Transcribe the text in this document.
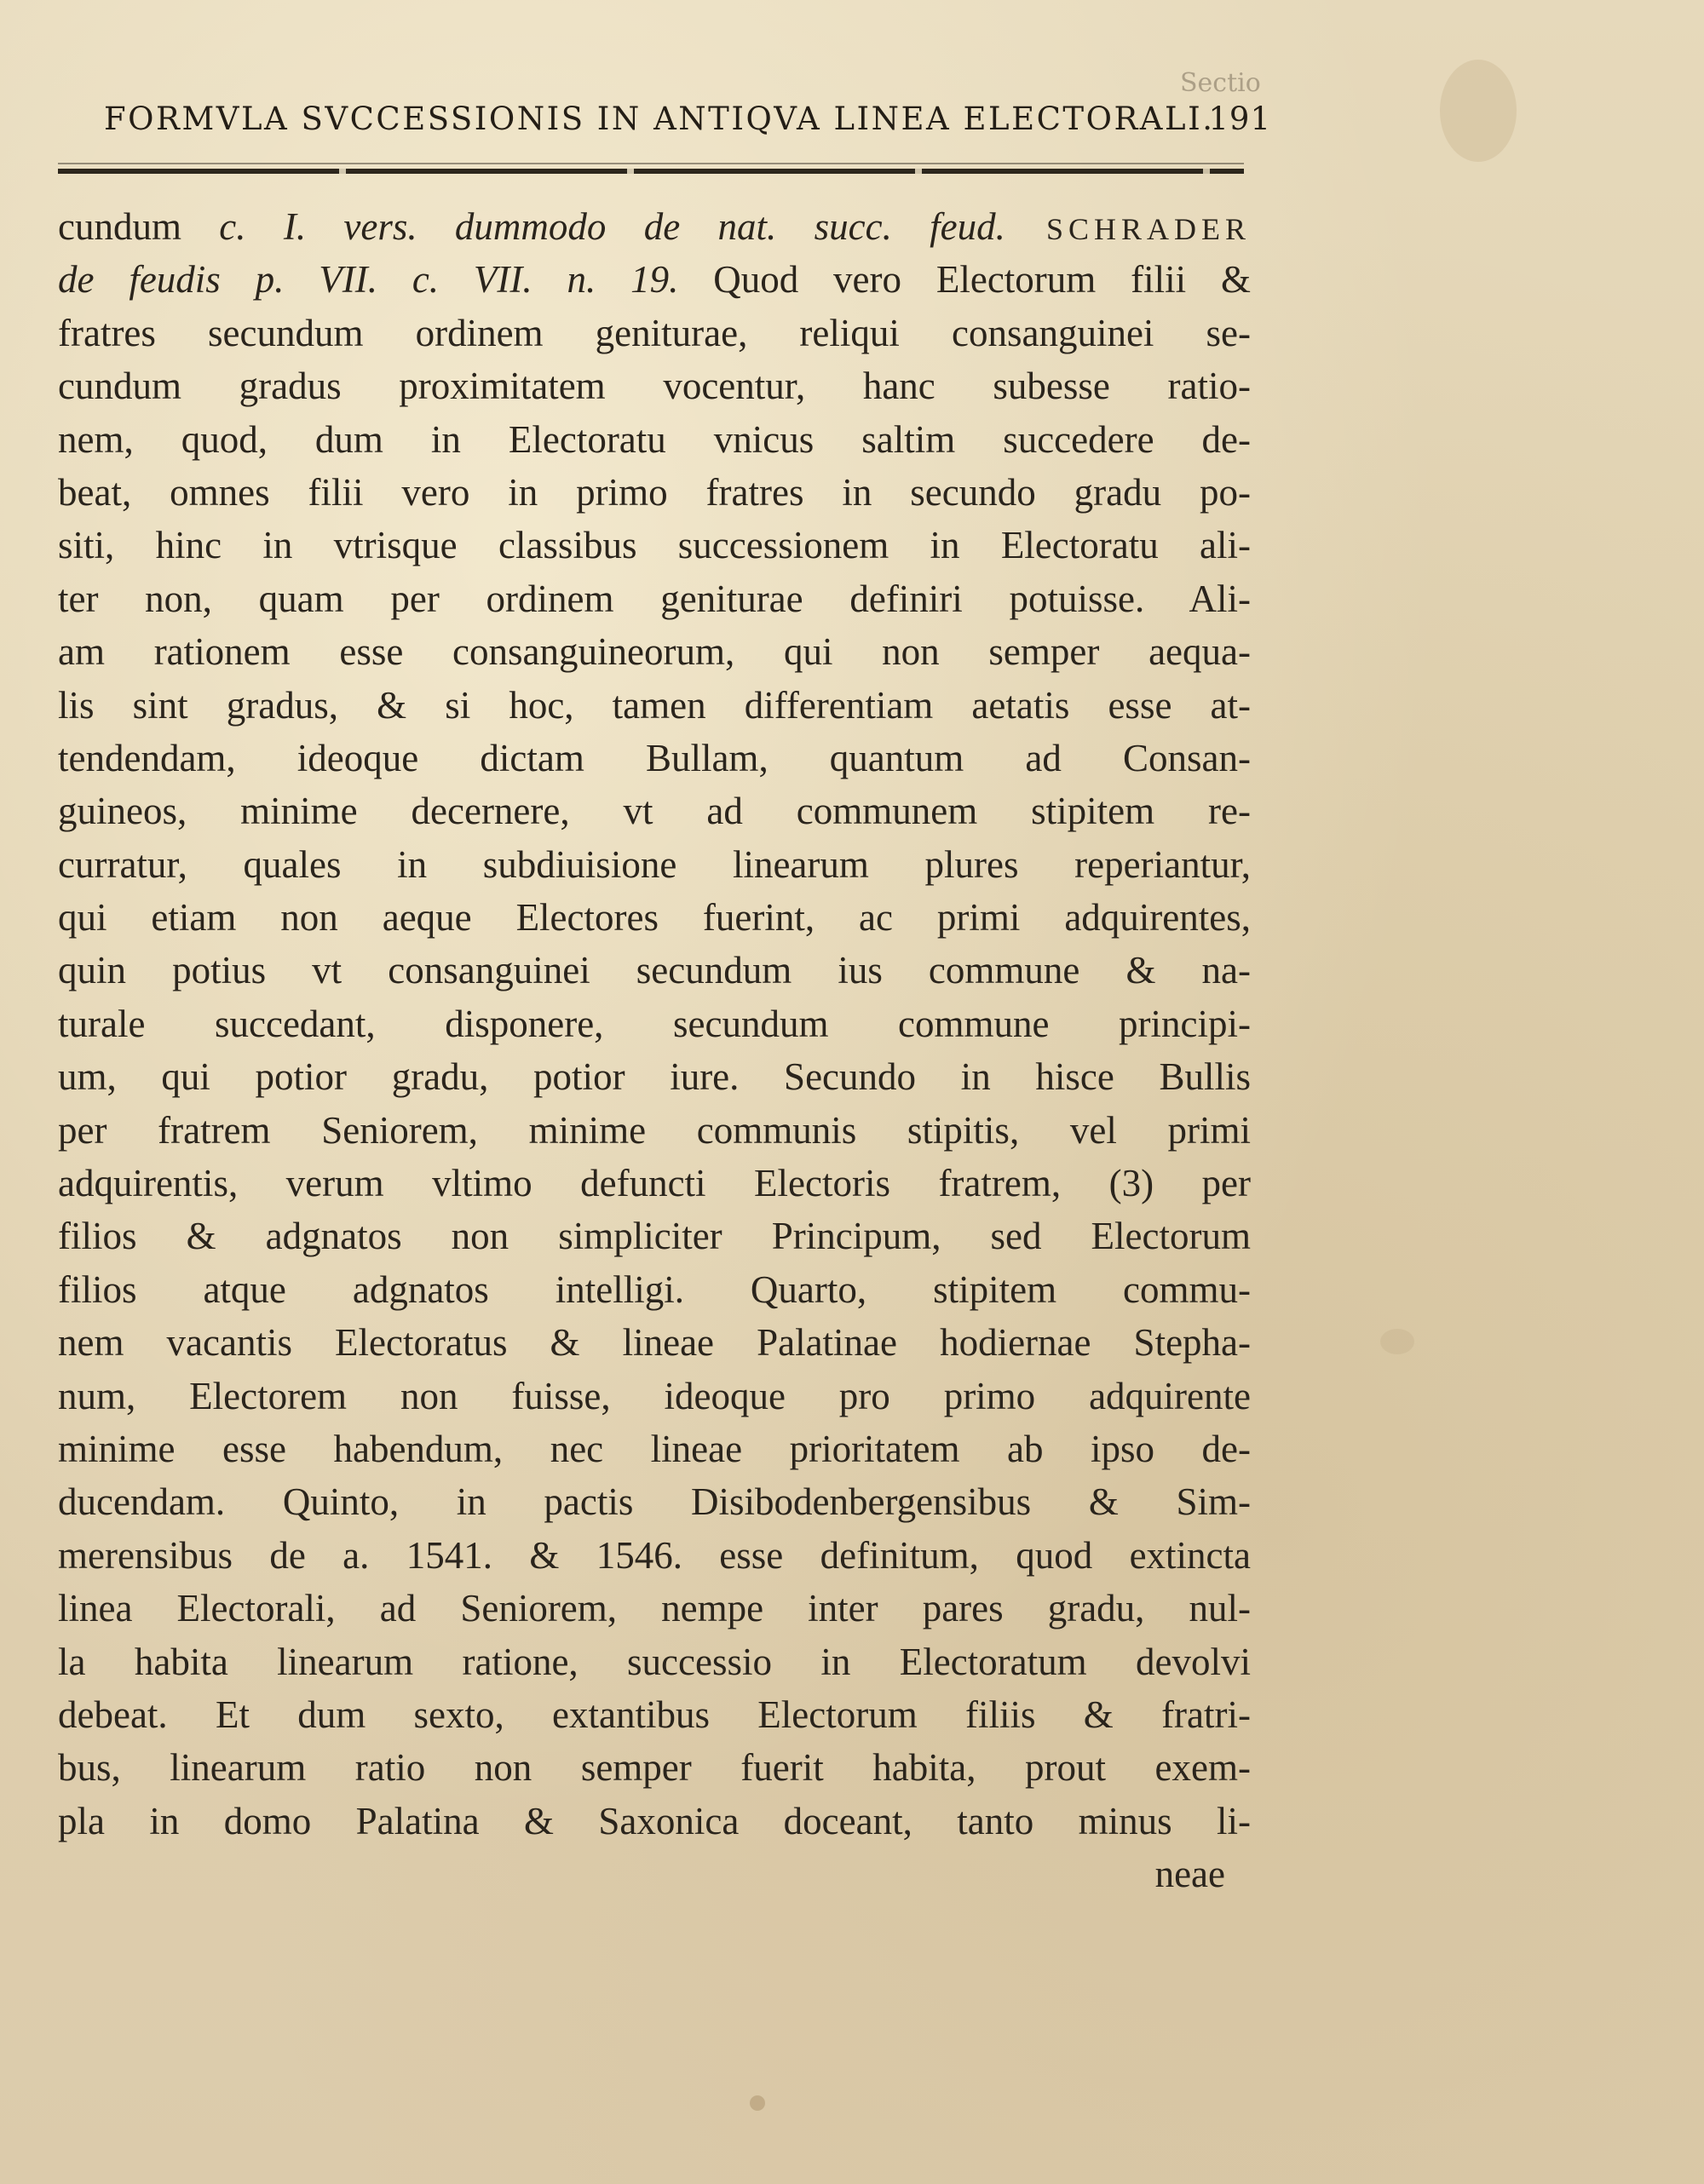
Sectio
FORMVLA SVCCESSIONIS IN ANTIQVA LINEA ELECTORALI.
191
cundum c. I. vers. dummodo de nat. succ. feud. SCHRADER
de feudis p. VII. c. VII. n. 19. Quod vero Electorum filii &
fratres secundum ordinem geniturae, reliqui consanguinei se-
cundum gradus proximitatem vocentur, hanc subesse ratio-
nem, quod, dum in Electoratu vnicus saltim succedere de-
beat, omnes filii vero in primo fratres in secundo gradu po-
siti, hinc in vtrisque classibus successionem in Electoratu ali-
ter non, quam per ordinem geniturae definiri potuisse. Ali-
am rationem esse consanguineorum, qui non semper aequa-
lis sint gradus, & si hoc, tamen differentiam aetatis esse at-
tendendam, ideoque dictam Bullam, quantum ad Consan-
guineos, minime decernere, vt ad communem stipitem re-
curratur, quales in subdiuisione linearum plures reperiantur,
qui etiam non aeque Electores fuerint, ac primi adquirentes,
quin potius vt consanguinei secundum ius commune & na-
turale succedant, disponere, secundum commune principi-
um, qui potior gradu, potior iure. Secundo in hisce Bullis
per fratrem Seniorem, minime communis stipitis, vel primi
adquirentis, verum vltimo defuncti Electoris fratrem, (3) per
filios & adgnatos non simpliciter Principum, sed Electorum
filios atque adgnatos intelligi. Quarto, stipitem commu-
nem vacantis Electoratus & lineae Palatinae hodiernae Stepha-
num, Electorem non fuisse, ideoque pro primo adquirente
minime esse habendum, nec lineae prioritatem ab ipso de-
ducendam. Quinto, in pactis Disibodenbergensibus & Sim-
merensibus de a. 1541. & 1546. esse definitum, quod extincta
linea Electorali, ad Seniorem, nempe inter pares gradu, nul-
la habita linearum ratione, successio in Electoratum devolvi
debeat. Et dum sexto, extantibus Electorum filiis & fratri-
bus, linearum ratio non semper fuerit habita, prout exem-
pla in domo Palatina & Saxonica doceant, tanto minus li-
neae
